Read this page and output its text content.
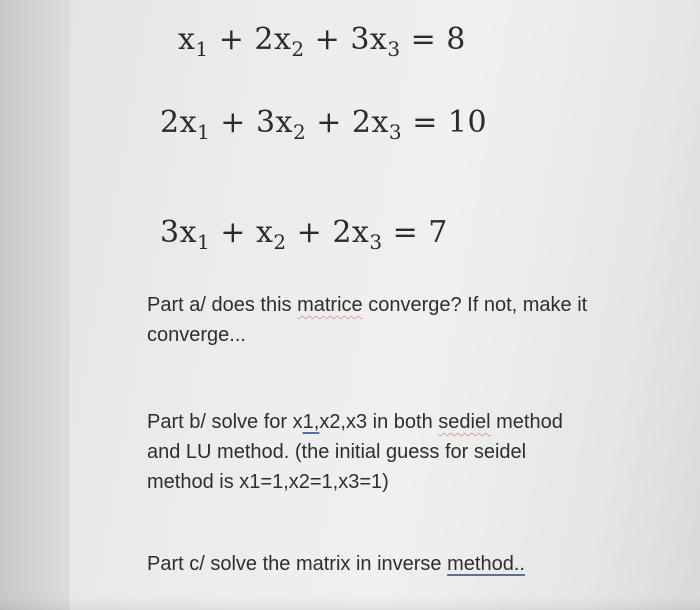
$x_1 + 2x_2 + 3x_3 = 8$
$2x_1 + 3x_2 + 2x_3 = 10$
$3x_1 + x_2 + 2x_3 = 7$
Part a/ does this matrice converge? If not, make it
converge...
Part b/ solve for x1,x2,x3 in both sediel method
and LU method. (the initial guess for seidel
method is x1=1,x2=1,x3=1)
Part c/ solve the matrix in inverse method..
